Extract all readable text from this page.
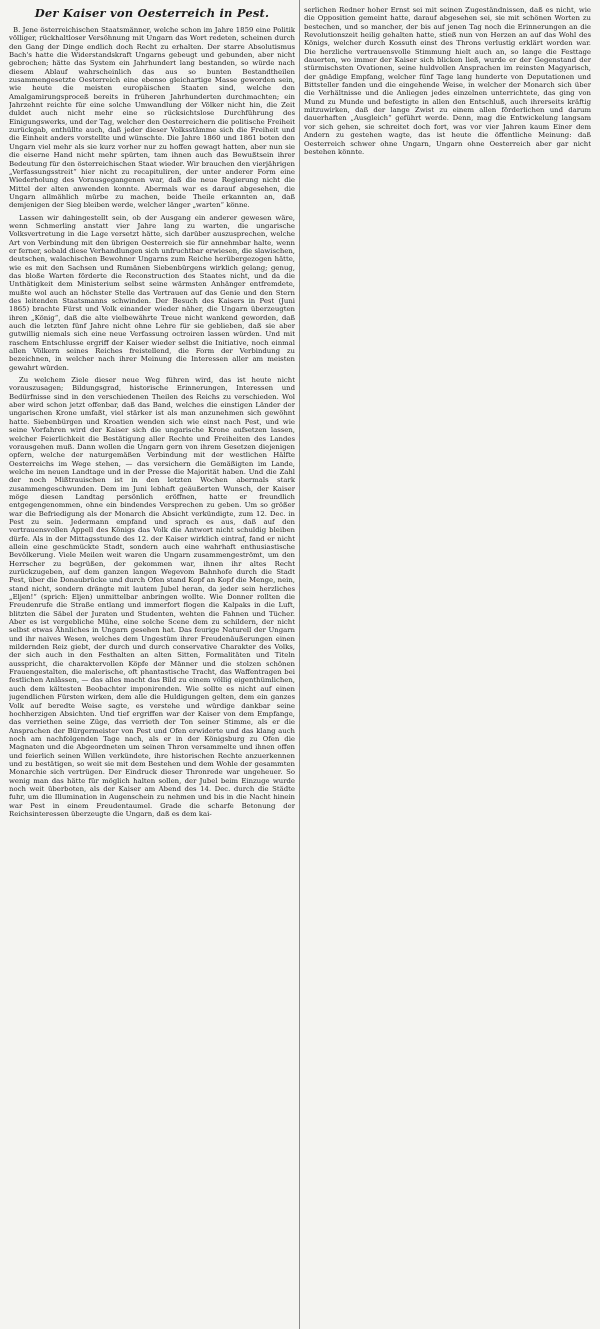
Der Kaiser von Oesterreich in Pest.

B. Jene österreichischen Staatsmänner, welche schon im Jahre 1859 eine Politik völliger, rückhaltloser Versöhnung mit Ungarn das Wort redeten, scheinen durch den Gang der Dinge endlich doch Recht zu erhalten. Der starre Absolutismus Bach's hatte die Widerstandskraft Ungarns gebeugt und gebunden, aber nicht gebrochen; hätte das System ein Jahrhundert lang bestanden, so würde nach diesem Ablauf wahrscheinlich das aus so bunten Bestandtheilen zusammengesetzte Oesterreich eine ebenso gleichartige Masse geworden sein, wie heute die meisten europäischen Staaten sind, welche den Amalgamirungsproceß bereits in früheren Jahrhunderten durchmachten; ein Jahrzehnt reichte für eine solche Umwandlung der Völker nicht hin, die Zeit duldet auch nicht mehr eine so rücksichtslose Durchführung des Einigungswerks, und der Tag, welcher den Oesterreichern die politische Freiheit zurückgab, enthüllte auch, daß jeder dieser Volksstämme sich die Freiheit und die Einheit anders vorstellte und wünschte. Die Jahre 1860 und 1861 boten den Ungarn viel mehr als sie kurz vorher nur zu hoffen gewagt hatten, aber nun sie die eiserne Hand nicht mehr spürten, tam ihnen auch das Bewußtsein ihrer Bedeutung für den österreichischen Staat wieder. Wir brauchen den vierjährigen „Verfassungsstreit“ hier nicht zu recapituliren, der unter anderer Form eine Wiederholung des Vorausgegangenen war, daß die neue Regierung nicht die Mittel der alten anwenden konnte. Abermals war es darauf abgesehen, die Ungarn allmählich mürbe zu machen, beide Theile erkannten an, daß demjenigen der Sieg bleiben werde, welcher länger „warten“ könne.

Lassen wir dahingestellt sein, ob der Ausgang ein anderer gewesen wäre, wenn Schmerling anstatt vier Jahre lang zu warten, die ungarische Volksvertretung in die Lage versetzt hätte, sich darüber auszusprechen, welche Art von Verbindung mit den übrigen Oesterreich sie für annehmbar halte, wenn er ferner, sobald diese Verhandlungen sich unfruchtbar erwiesen, die slawischen, deutschen, walachischen Bewohner Ungarns zum Reiche herübergezogen hätte, wie es mit den Sachsen und Rumänen Siebenbürgens wirklich gelang; genug, das bloße Warten förderte die Reconstruction des Staates nicht, und da die Unthätigkeit dem Ministerium selbst seine wärmsten Anhänger entfremdete, mußte wol auch an höchster Stelle das Vertrauen auf das Genie und den Stern des leitenden Staatsmanns schwinden. Der Besuch des Kaisers in Pest (Juni 1865) brachte Fürst und Volk einander wieder näher, die Ungarn überzeugten ihren „König“, daß die alte vielbewährte Treue nicht wankend geworden, daß auch die letzten fünf Jahre nicht ohne Lehre für sie geblieben, daß sie aber gutwillig niemals sich eine neue Verfassung octroiren lassen würden. Und mit raschem Entschlusse ergriff der Kaiser wieder selbst die Initiative, noch einmal allen Völkern seines Reiches freistellend, die Form der Verbindung zu bezeichnen, in welcher nach ihrer Meinung die Interessen aller am meisten gewahrt würden.

Zu welchem Ziele dieser neue Weg führen wird, das ist heute nicht vorauszusagen; Bildungsgrad, historische Erinnerungen, Interessen und Bedürfnisse sind in den verschiedenen Theilen des Reichs zu verschieden. Wol aber wird schon jetzt offenbar, daß das Band, welches die einstigen Länder der ungarischen Krone umfaßt, viel stärker ist als man anzunehmen sich gewöhnt hatte. Siebenbürgen und Kroatien wenden sich wie einst nach Pest, und wie seine Vorfahren wird der Kaiser sich die ungarische Krone aufsetzen lassen, welcher Feierlichkeit die Bestätigung aller Rechte und Freiheiten des Landes vorausgehen muß. Dann wollen die Ungarn gern von ihrem Gesetzen diejenigen opfern, welche der naturgemäßen Verbindung mit der westlichen Hälfte Oesterreichs im Wege stehen, — das versichern die Gemäßigten im Lande, welche im neuen Landtage und in der Presse die Majorität haben. Und die Zahl der noch Mißtrauischen ist in den letzten Wochen abermals stark zusammengeschwunden. Dem im Juni lebhaft geäußerten Wunsch, der Kaiser möge diesen Landtag persönlich eröffnen, hatte er freundlich entgegengenommen, ohne ein bindendes Versprechen zu geben. Um so größer war die Befriedigung als der Monarch die Absicht verkündigte, zum 12. Dec. in Pest zu sein. Jedermann empfand und sprach es aus, daß auf den vertrauensvollen Appell des Königs das Volk die Antwort nicht schuldig bleiben dürfe. Als in der Mittagsstunde des 12. der Kaiser wirklich eintraf, fand er nicht allein eine geschmückte Stadt, sondern auch eine wahrhaft enthusiastische Bevölkerung. Viele Meilen weit waren die Ungarn zusammengeströmt, um den Herrscher zu begrüßen, der gekommen war, ihnen ihr altes Recht zurückzugeben, auf dem ganzen langen Wegevom Bahnhofe durch die Stadt Pest, über die Donaubrücke und durch Ofen stand Kopf an Kopf die Menge, nein, stand nicht, sondern drängte mit lautem Jubel heran, da jeder sein herzliches „Eljen!“ (sprich: Eljen) unmittelbar anbringen wollte. Wie Donner rollten die Freudenrufe die Straße entlang und immerfort flogen die Kalpaks in die Luft, blitzten die Säbel der Juraten und Studenten, wehten die Fahnen und Tücher. Aber es ist vergebliche Mühe, eine solche Scene dem zu schildern, der nicht selbst etwas Ähnliches in Ungarn gesehen hat. Das feurige Naturell der Ungarn und ihr naives Wesen, welches dem Ungestüm ihrer Freudenäußerungen einen mildernden Reiz giebt, der durch und durch conservative Charakter des Volks, der sich auch in den Festhalten an alten Sitten, Formalitäten und Titeln ausspricht, die charaktervollen Köpfe der Männer und die stolzen schönen Frauengestalten, die malerische, oft phantastische Tracht, das Waffentragen bei festlichen Anlässen, — das alles macht das Bild zu einem völlig eigenthümlichen, auch dem kältesten Beobachter imponirenden. Wie sollte es nicht auf einen jugendlichen Fürsten wirken, dem alle die Huldigungen gelten, dem ein ganzes Volk auf beredte Weise sagte, es verstehe und würdige dankbar seine hochherzigen Absichten. Und tief ergriffen war der Kaiser von dem Empfange, das verriethen seine Züge, das verrieth der Ton seiner Stimme, als er die Ansprachen der Bürgermeister von Pest und Ofen erwiderte und das klang auch noch am nachfolgenden Tage nach, als er in der Königsburg zu Ofen die Magnaten und die Abgeordneten um seinen Thron versammelte und ihnen offen und feierlich seinen Willen verkündete, ihre historischen Rechte anzuerkennen und zu bestätigen, so weit sie mit dem Bestehen und dem Wohle der gesammten Monarchie sich vertrügen. Der Eindruck dieser Thronrede war ungeheuer. So wenig man das hätte für möglich halten sollen, der Jubel beim Einzuge wurde noch weit überboten, als der Kaiser am Abend des 14. Dec. durch die Städte fuhr, um die Illumination in Augenschein zu nehmen und bis in die Nacht hinein war Pest in einem Freudentaumel. Grade die scharfe Betonung der Reichsinteressen überzeugte die Ungarn, daß es dem kai-

serlichen Redner hoher Ernst sei mit seinen Zugeständnissen, daß es nicht, wie die Opposition gemeint hatte, darauf abgesehen sei, sie mit schönen Worten zu bestechen, und so mancher, der bis auf jenen Tag noch die Erinnerungen an die Revolutionszeit heilig gehalten hatte, stieß nun von Herzen an auf das Wohl des Königs, welcher durch Kossuth einst des Throns verlustig erklärt worden war. Die herzliche vertrauensvolle Stimmung hielt auch an, so lange die Festtage dauerten, wo immer der Kaiser sich blicken ließ, wurde er der Gegenstand der stürmischsten Ovationen, seine huldvollen Ansprachen im reinsten Magyarisch, der gnädige Empfang, welcher fünf Tage lang hunderte von Deputationen und Bittsteller fanden und die eingehende Weise, in welcher der Monarch sich über die Verhältnisse und die Anliegen jedes einzelnen unterrichtete, das ging von Mund zu Munde und befestigte in allen den Entschluß, auch ihrerseits kräftig mitzuwirken, daß der lange Zwist zu einem allen förderlichen und darum dauerhaften „Ausgleich“ geführt werde. Denn, mag die Entwickelung langsam vor sich gehen, sie schreitet doch fort, was vor vier Jahren kaum Einer dem Andern zu gestehen wagte, das ist heute die öffentliche Meinung: daß Oesterreich schwer ohne Ungarn, Ungarn ohne Oesterreich aber gar nicht bestehen könnte.
